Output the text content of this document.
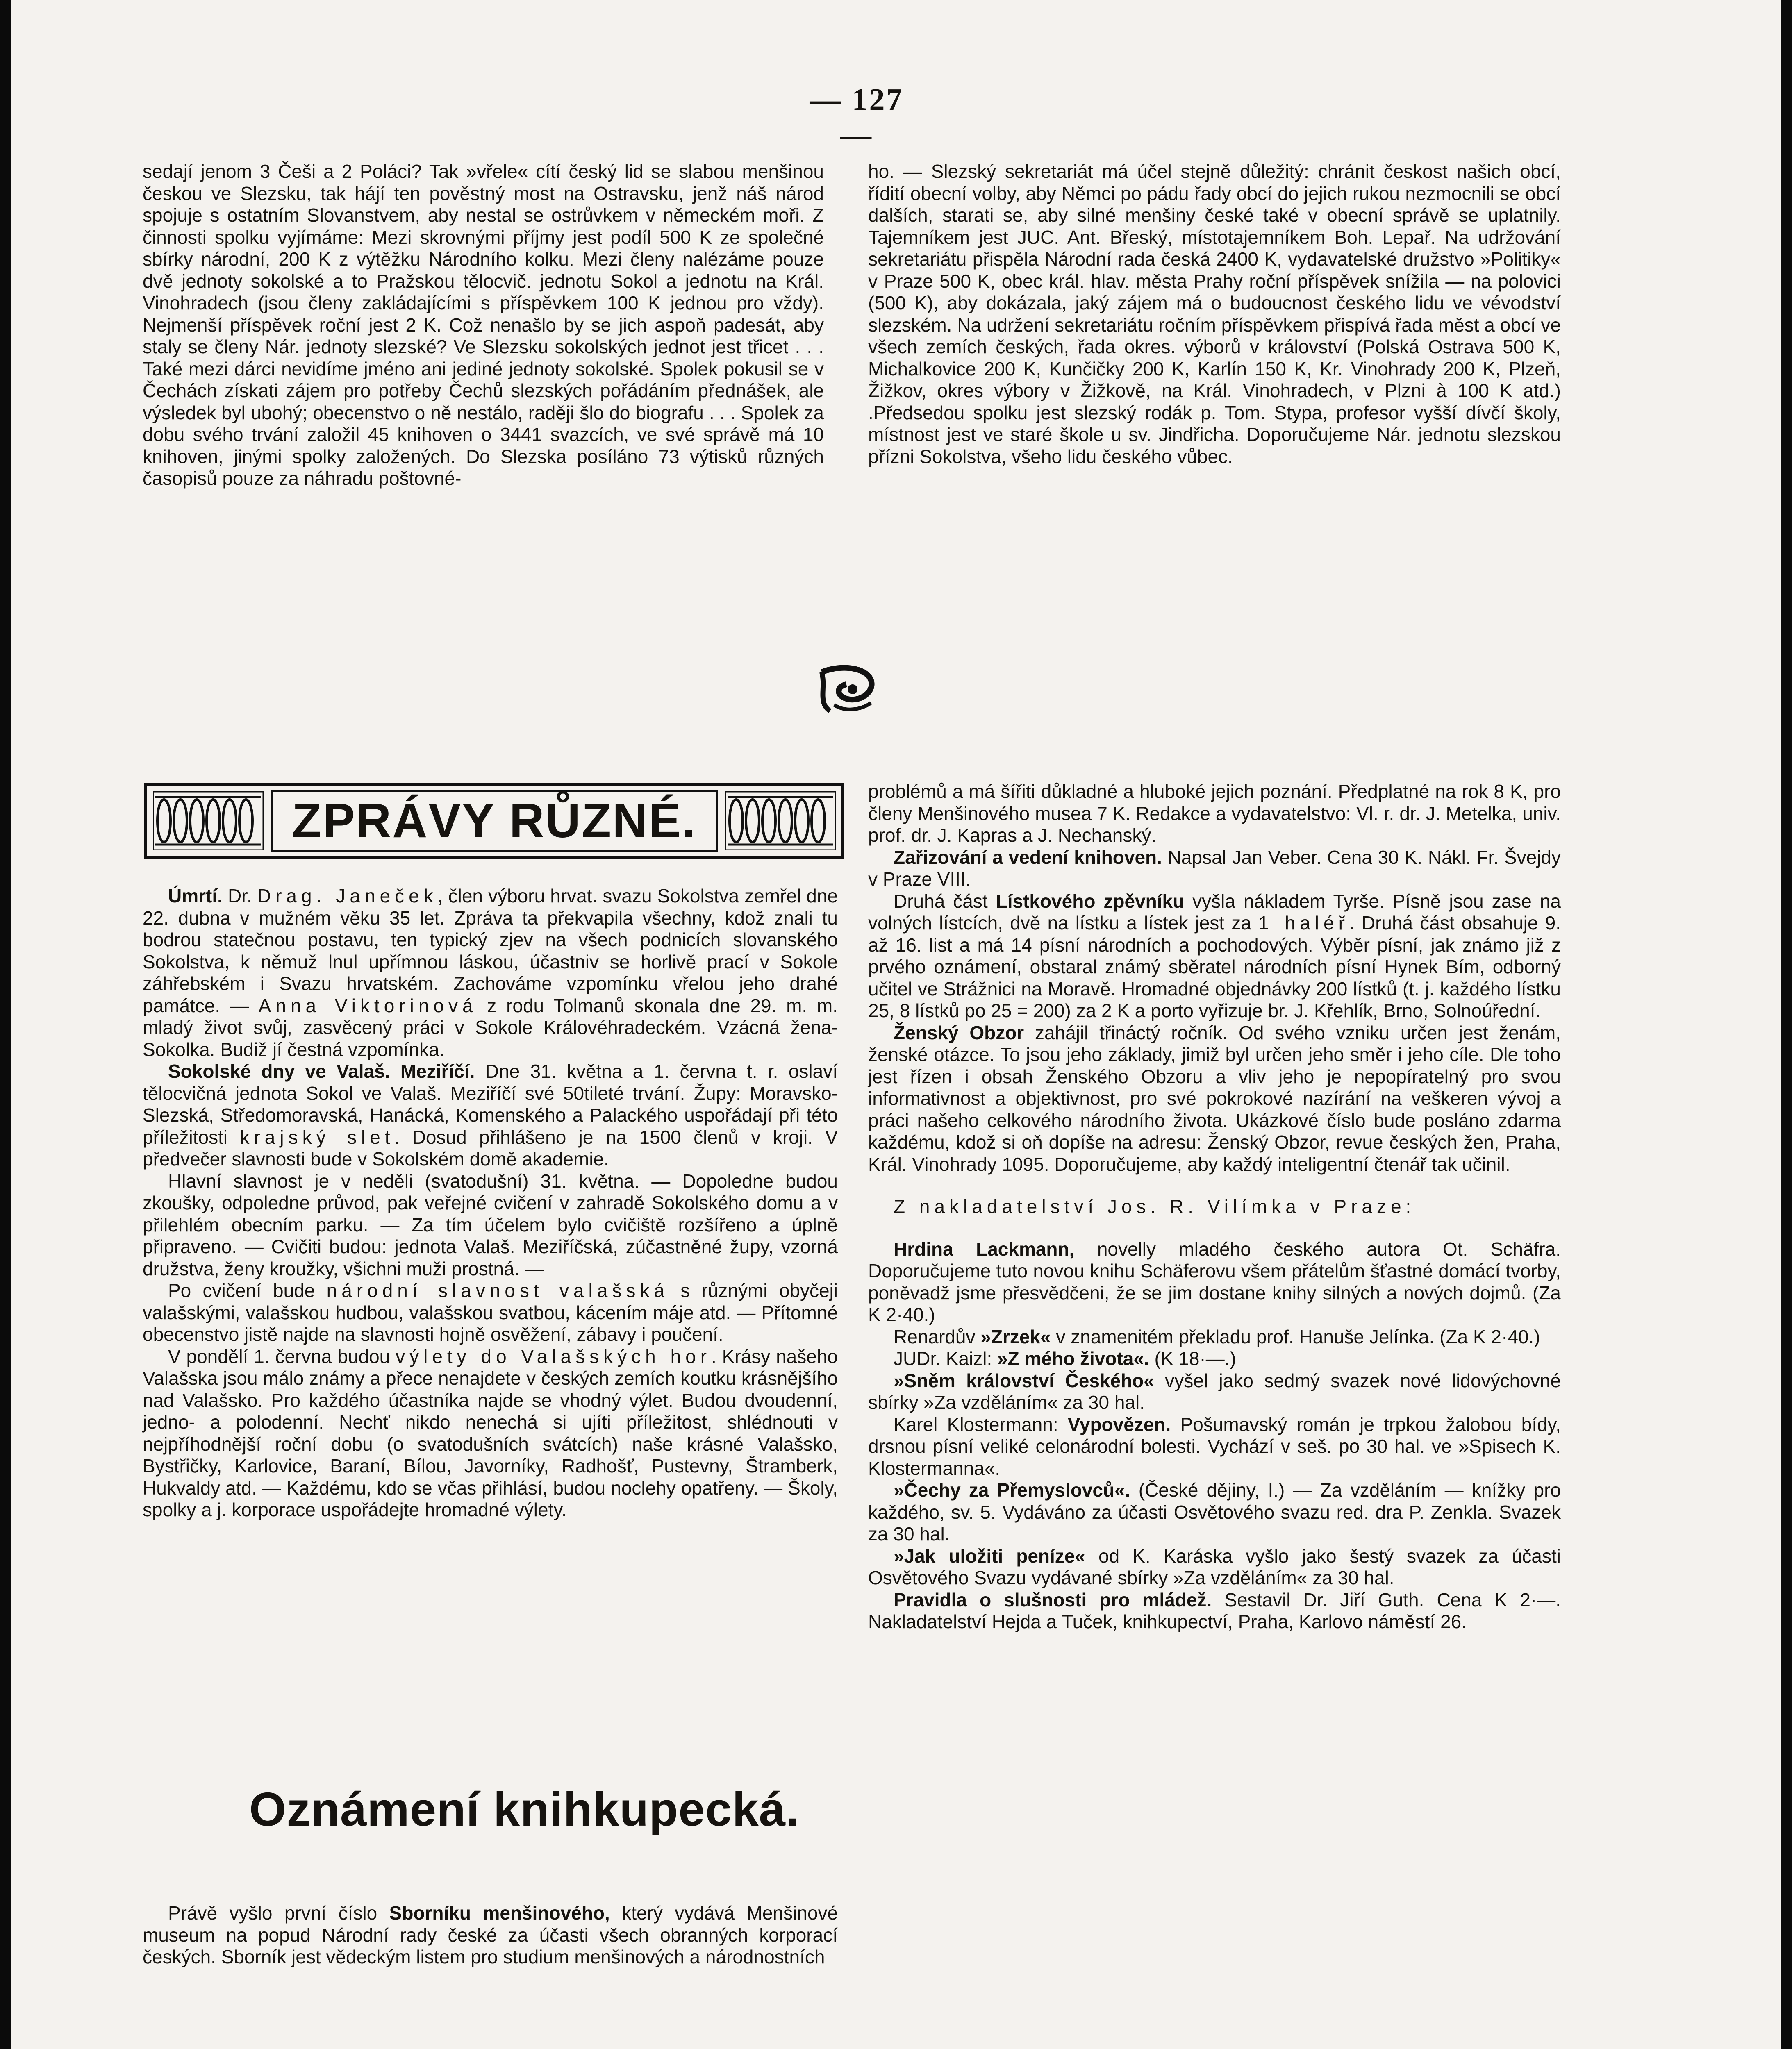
— 127 —

sedají jenom 3 Češi a 2 Poláci? Tak »vřele« cítí český lid se slabou menšinou českou ve Slezsku, tak hájí ten pověstný most na Ostravsku, jenž náš národ spojuje s ostatním Slovanstvem, aby nestal se ostrůvkem v německém moři. Z činnosti spolku vyjímáme: Mezi skrovnými příjmy jest podíl 500 K ze společné sbírky národní, 200 K z výtěžku Národního kolku. Mezi členy nalézáme pouze dvě jednoty sokolské a to Pražskou tělocvič. jednotu Sokol a jednotu na Král. Vinohradech (jsou členy zakládajícími s příspěvkem 100 K jednou pro vždy). Nejmenší příspěvek roční jest 2 K. Což nenašlo by se jich aspoň padesát, aby staly se členy Nár. jednoty slezské? Ve Slezsku sokolských jednot jest třicet . . . Také mezi dárci nevidíme jméno ani jediné jednoty sokolské. Spolek pokusil se v Čechách získati zájem pro potřeby Čechů slezských pořádáním přednášek, ale výsledek byl ubohý; obecenstvo o ně nestálo, raději šlo do biografu . . . Spolek za dobu svého trvání založil 45 knihoven o 3441 svazcích, ve své správě má 10 knihoven, jinými spolky založených. Do Slezska posíláno 73 výtisků různých časopisů pouze za náhradu poštovné-

ho. — Slezský sekretariát má účel stejně důležitý: chránit českost našich obcí, řídití obecní volby, aby Němci po pádu řady obcí do jejich rukou nezmocnili se obcí dalších, starati se, aby silné menšiny české také v obecní správě se uplatnily. Tajemníkem jest JUC. Ant. Břeský, místotajemníkem Boh. Lepař. Na udržování sekretariátu přispěla Národní rada česká 2400 K, vydavatelské družstvo »Politiky« v Praze 500 K, obec král. hlav. města Prahy roční příspěvek snížila — na polovici (500 K), aby dokázala, jaký zájem má o budoucnost českého lidu ve vévodství slezském. Na udržení sekretariátu ročním příspěvkem přispívá řada měst a obcí ve všech zemích českých, řada okres. výborů v království (Polská Ostrava 500 K, Michalkovice 200 K, Kunčičky 200 K, Karlín 150 K, Kr. Vinohrady 200 K, Plzeň, Žižkov, okres výbory v Žižkově, na Král. Vinohradech, v Plzni à 100 K atd.) .Předsedou spolku jest slezský rodák p. Tom. Stypa, profesor vyšší dívčí školy, místnost jest ve staré škole u sv. Jindřicha. Doporučujeme Nár. jednotu slezskou přízni Sokolstva, všeho lidu českého vůbec.

ZPRÁVY RŮZNÉ.

Úmrtí. Dr. Drag. Janeček, člen výboru hrvat. svazu Sokolstva zemřel dne 22. dubna v mužném věku 35 let. Zpráva ta překvapila všechny, kdož znali tu bodrou statečnou postavu, ten typický zjev na všech podnicích slovanského Sokolstva, k němuž lnul upřímnou láskou, účastniv se horlivě prací v Sokole záhřebském i Svazu hrvatském. Zachováme vzpomínku vřelou jeho drahé památce. — Anna Viktorinová z rodu Tolmanů skonala dne 29. m. m. mladý život svůj, zasvěcený práci v Sokole Královéhradeckém. Vzácná žena-Sokolka. Budiž jí čestná vzpomínka.

Sokolské dny ve Valaš. Meziříčí. Dne 31. května a 1. června t. r. oslaví tělocvičná jednota Sokol ve Valaš. Meziříčí své 50tileté trvání. Župy: Moravsko-Slezská, Středomoravská, Hanácká, Komenského a Palackého uspořádají při této příležitosti krajský slet. Dosud přihlášeno je na 1500 členů v kroji. V předvečer slavnosti bude v Sokolském domě akademie.

Hlavní slavnost je v neděli (svatodušní) 31. května. — Dopoledne budou zkoušky, odpoledne průvod, pak veřejné cvičení v zahradě Sokolského domu a v přilehlém obecním parku. — Za tím účelem bylo cvičiště rozšířeno a úplně připraveno. — Cvičiti budou: jednota Valaš. Meziříčská, zúčastněné župy, vzorná družstva, ženy kroužky, všichni muži prostná. —

Po cvičení bude národní slavnost valašská s různými obyčeji valašskými, valašskou hudbou, valašskou svatbou, kácením máje atd. — Přítomné obecenstvo jistě najde na slavnosti hojně osvěžení, zábavy i poučení.

V pondělí 1. června budou výlety do Valašských hor. Krásy našeho Valašska jsou málo známy a přece nenajdete v českých zemích koutku krásnějšího nad Valašsko. Pro každého účastníka najde se vhodný výlet. Budou dvoudenní, jedno- a polodenní. Nechť nikdo nenechá si ujíti příležitost, shlédnouti v nejpříhodnější roční dobu (o svatodušních svátcích) naše krásné Valašsko, Bystřičky, Karlovice, Baraní, Bílou, Javorníky, Radhošť, Pustevny, Štramberk, Hukvaldy atd. — Každému, kdo se včas přihlásí, budou noclehy opatřeny. — Školy, spolky a j. korporace uspořádejte hromadné výlety.

Oznámení knihkupecká.

Právě vyšlo první číslo Sborníku menšinového, který vydává Menšinové museum na popud Národní rady české za účasti všech obranných korporací českých. Sborník jest vědeckým listem pro studium menšinových a národnostních

problémů a má šířiti důkladné a hluboké jejich poznání. Předplatné na rok 8 K, pro členy Menšinového musea 7 K. Redakce a vydavatelstvo: Vl. r. dr. J. Metelka, univ. prof. dr. J. Kapras a J. Nechanský.

Zařizování a vedení knihoven. Napsal Jan Veber. Cena 30 K. Nákl. Fr. Švejdy v Praze VIII.

Druhá část Lístkového zpěvníku vyšla nákladem Tyrše. Písně jsou zase na volných lístcích, dvě na lístku a lístek jest za 1 haléř. Druhá část obsahuje 9. až 16. list a má 14 písní národních a pochodových. Výběr písní, jak známo již z prvého oznámení, obstaral známý sběratel národních písní Hynek Bím, odborný učitel ve Strážnici na Moravě. Hromadné objednávky 200 lístků (t. j. každého lístku 25, 8 lístků po 25 = 200) za 2 K a porto vyřizuje br. J. Křehlík, Brno, Solnoúřední.

Ženský Obzor zahájil třináctý ročník. Od svého vzniku určen jest ženám, ženské otázce. To jsou jeho základy, jimiž byl určen jeho směr i jeho cíle. Dle toho jest řízen i obsah Ženského Obzoru a vliv jeho je nepopíratelný pro svou informativnost a objektivnost, pro své pokrokové nazírání na veškeren vývoj a práci našeho celkového národního života. Ukázkové číslo bude posláno zdarma každému, kdož si oň dopíše na adresu: Ženský Obzor, revue českých žen, Praha, Král. Vinohrady 1095. Doporučujeme, aby každý inteligentní čtenář tak učinil.

Z nakladatelství Jos. R. Vilímka v Praze:

Hrdina Lackmann, novelly mladého českého autora Ot. Schäfra. Doporučujeme tuto novou knihu Schäferovu všem přátelům šťastné domácí tvorby, poněvadž jsme přesvědčeni, že se jim dostane knihy silných a nových dojmů. (Za K 2·40.)

Renardův »Zrzek« v znamenitém překladu prof. Hanuše Jelínka. (Za K 2·40.)

JUDr. Kaizl: »Z mého života«. (K 18·—.)

»Sněm království Českého« vyšel jako sedmý svazek nové lidovýchovné sbírky »Za vzděláním« za 30 hal.

Karel Klostermann: Vypovězen. Pošumavský román je trpkou žalobou bídy, drsnou písní veliké celonárodní bolesti. Vychází v seš. po 30 hal. ve »Spisech K. Klostermanna«.

»Čechy za Přemyslovců«. (České dějiny, I.) — Za vzděláním — knížky pro každého, sv. 5. Vydáváno za účasti Osvětového svazu red. dra P. Zenkla. Svazek za 30 hal.

»Jak uložiti peníze« od K. Karáska vyšlo jako šestý svazek za účasti Osvětového Svazu vydávané sbírky »Za vzděláním« za 30 hal.

Pravidla o slušnosti pro mládež. Sestavil Dr. Jiří Guth. Cena K 2·—. Nakladatelství Hejda a Tuček, knihkupectví, Praha, Karlovo náměstí 26.
